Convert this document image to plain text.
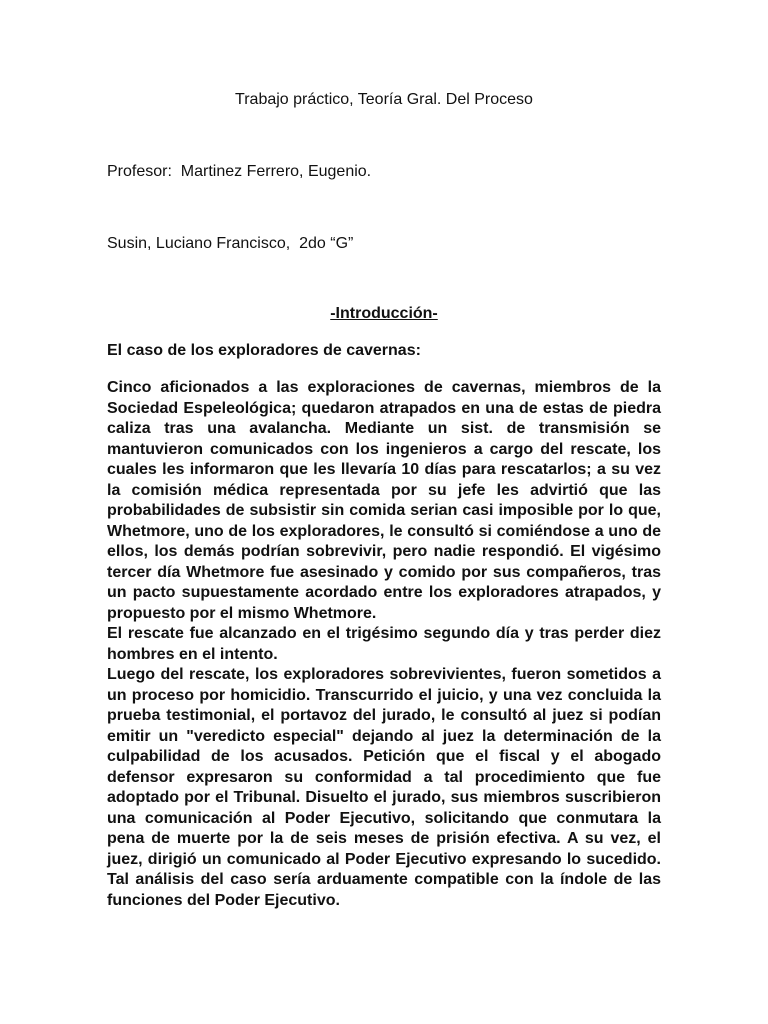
Trabajo práctico, Teoría Gral. Del Proceso
Profesor:  Martinez Ferrero, Eugenio.
Susin, Luciano Francisco,  2do “G”
-Introducción-
El caso de los exploradores de cavernas:

Cinco aficionados a las exploraciones de cavernas, miembros de la Sociedad Espeleológica; quedaron atrapados en una de estas de piedra caliza tras una avalancha. Mediante un sist. de transmisión se mantuvieron comunicados con los ingenieros a cargo del rescate, los cuales les informaron que les llevaría 10 días para rescatarlos; a su vez la comisión médica representada por su jefe les advirtió que las probabilidades de subsistir sin comida serian casi imposible por lo que, Whetmore, uno de los exploradores, le consultó si comiéndose a uno de ellos, los demás podrían sobrevivir, pero nadie respondió. El vigésimo tercer día Whetmore fue asesinado y comido por sus compañeros, tras un pacto supuestamente acordado entre los exploradores atrapados, y propuesto por el mismo Whetmore.

El rescate fue alcanzado en el trigésimo segundo día y tras perder diez hombres en el intento.

Luego del rescate, los exploradores sobrevivientes, fueron sometidos a un proceso por homicidio. Transcurrido el juicio, y una vez concluida la prueba testimonial, el portavoz del jurado, le consultó al juez si podían emitir un "veredicto especial" dejando al juez la determinación de la culpabilidad de los acusados. Petición que el fiscal y el abogado defensor expresaron su conformidad a tal procedimiento que fue adoptado por el Tribunal. Disuelto el jurado, sus miembros suscribieron una comunicación al Poder Ejecutivo, solicitando que conmutara la pena de muerte por la de seis meses de prisión efectiva. A su vez, el juez, dirigió un comunicado al Poder Ejecutivo expresando lo sucedido. Tal análisis del caso sería arduamente compatible con la índole de las funciones del Poder Ejecutivo.
